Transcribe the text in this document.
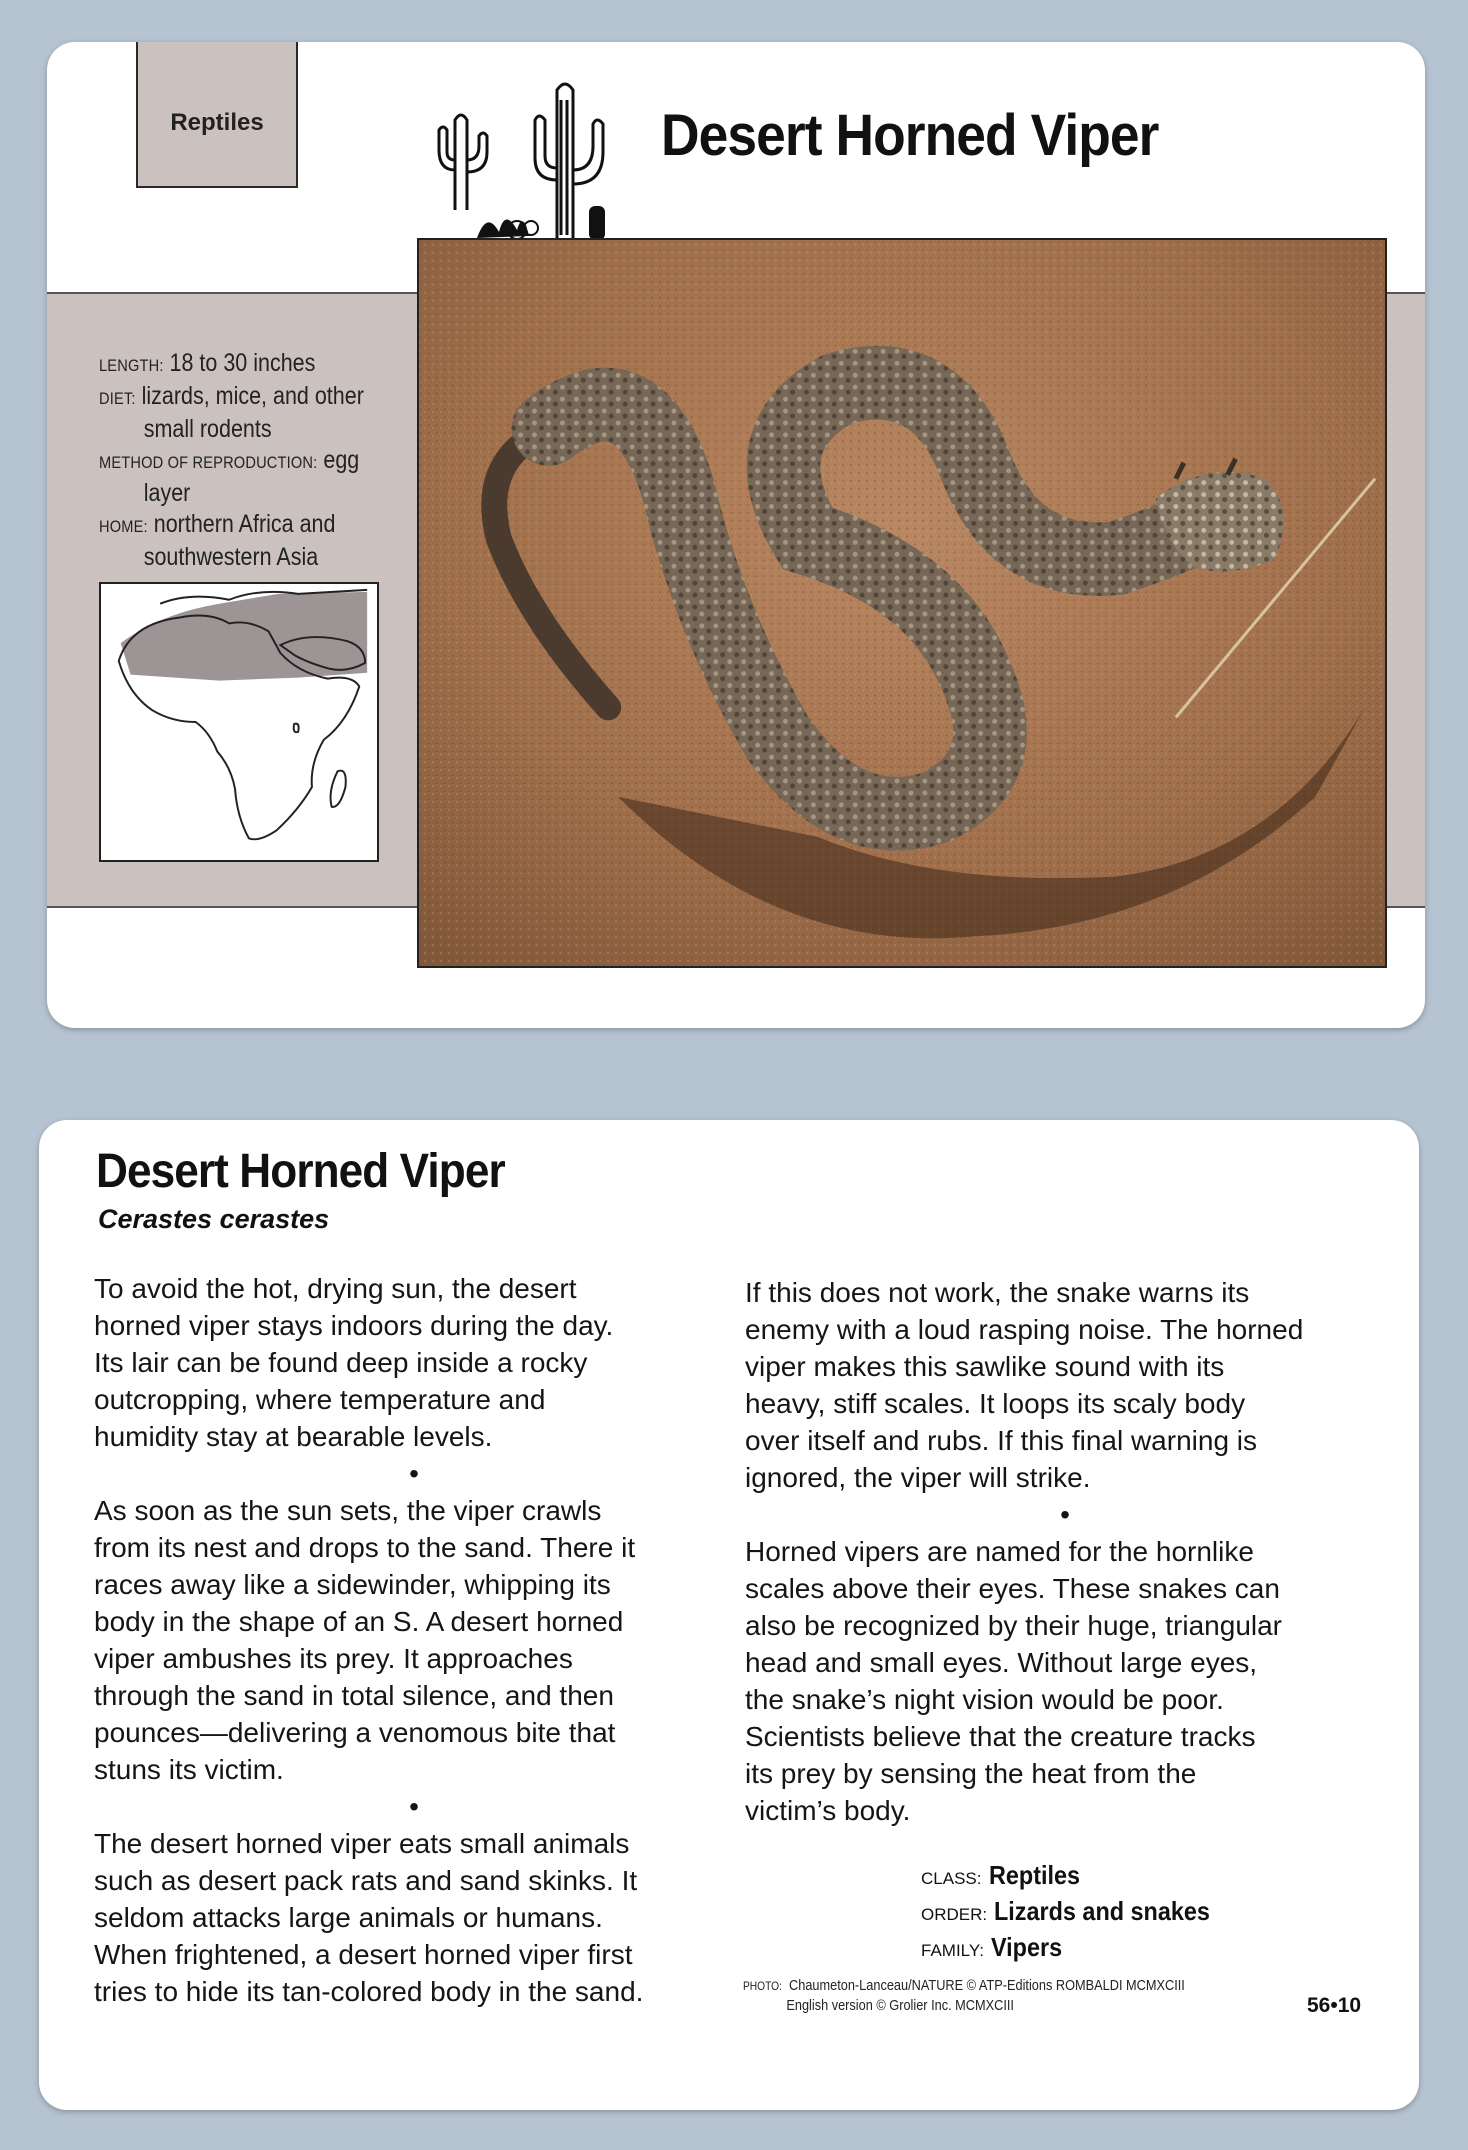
Reptiles	Desert Horned Viper
LENGTH: 18 to 30 inches
DIET: lizards, mice, and other
small rodents
METHOD OF REPRODUCTION: egg
layer
HOME: northern Africa and
southwestern Asia
Desert Horned Viper
Cerastes cerastes

To avoid the hot, drying sun, the desert
horned viper stays indoors during the day.
Its lair can be found deep inside a rocky
outcropping, where temperature and
humidity stay at bearable levels.

•

As soon as the sun sets, the viper crawls
from its nest and drops to the sand. There it
races away like a sidewinder, whipping its
body in the shape of an S. A desert horned
viper ambushes its prey. It approaches
through the sand in total silence, and then
pounces—delivering a venomous bite that
stuns its victim.

•

The desert horned viper eats small animals
such as desert pack rats and sand skinks. It
seldom attacks large animals or humans.
When frightened, a desert horned viper first
tries to hide its tan-colored body in the sand.

If this does not work, the snake warns its
enemy with a loud rasping noise. The horned
viper makes this sawlike sound with its
heavy, stiff scales. It loops its scaly body
over itself and rubs. If this final warning is
ignored, the viper will strike.

•

Horned vipers are named for the hornlike
scales above their eyes. These snakes can
also be recognized by their huge, triangular
head and small eyes. Without large eyes,
the snake’s night vision would be poor.
Scientists believe that the creature tracks
its prey by sensing the heat from the
victim’s body.

CLASS: Reptiles
ORDER: Lizards and snakes
FAMILY: Vipers
PHOTO: Chaumeton-Lanceau/NATURE © ATP-Editions ROMBALDI MCMXCIII
English version © Grolier Inc. MCMXCIII	56•10
